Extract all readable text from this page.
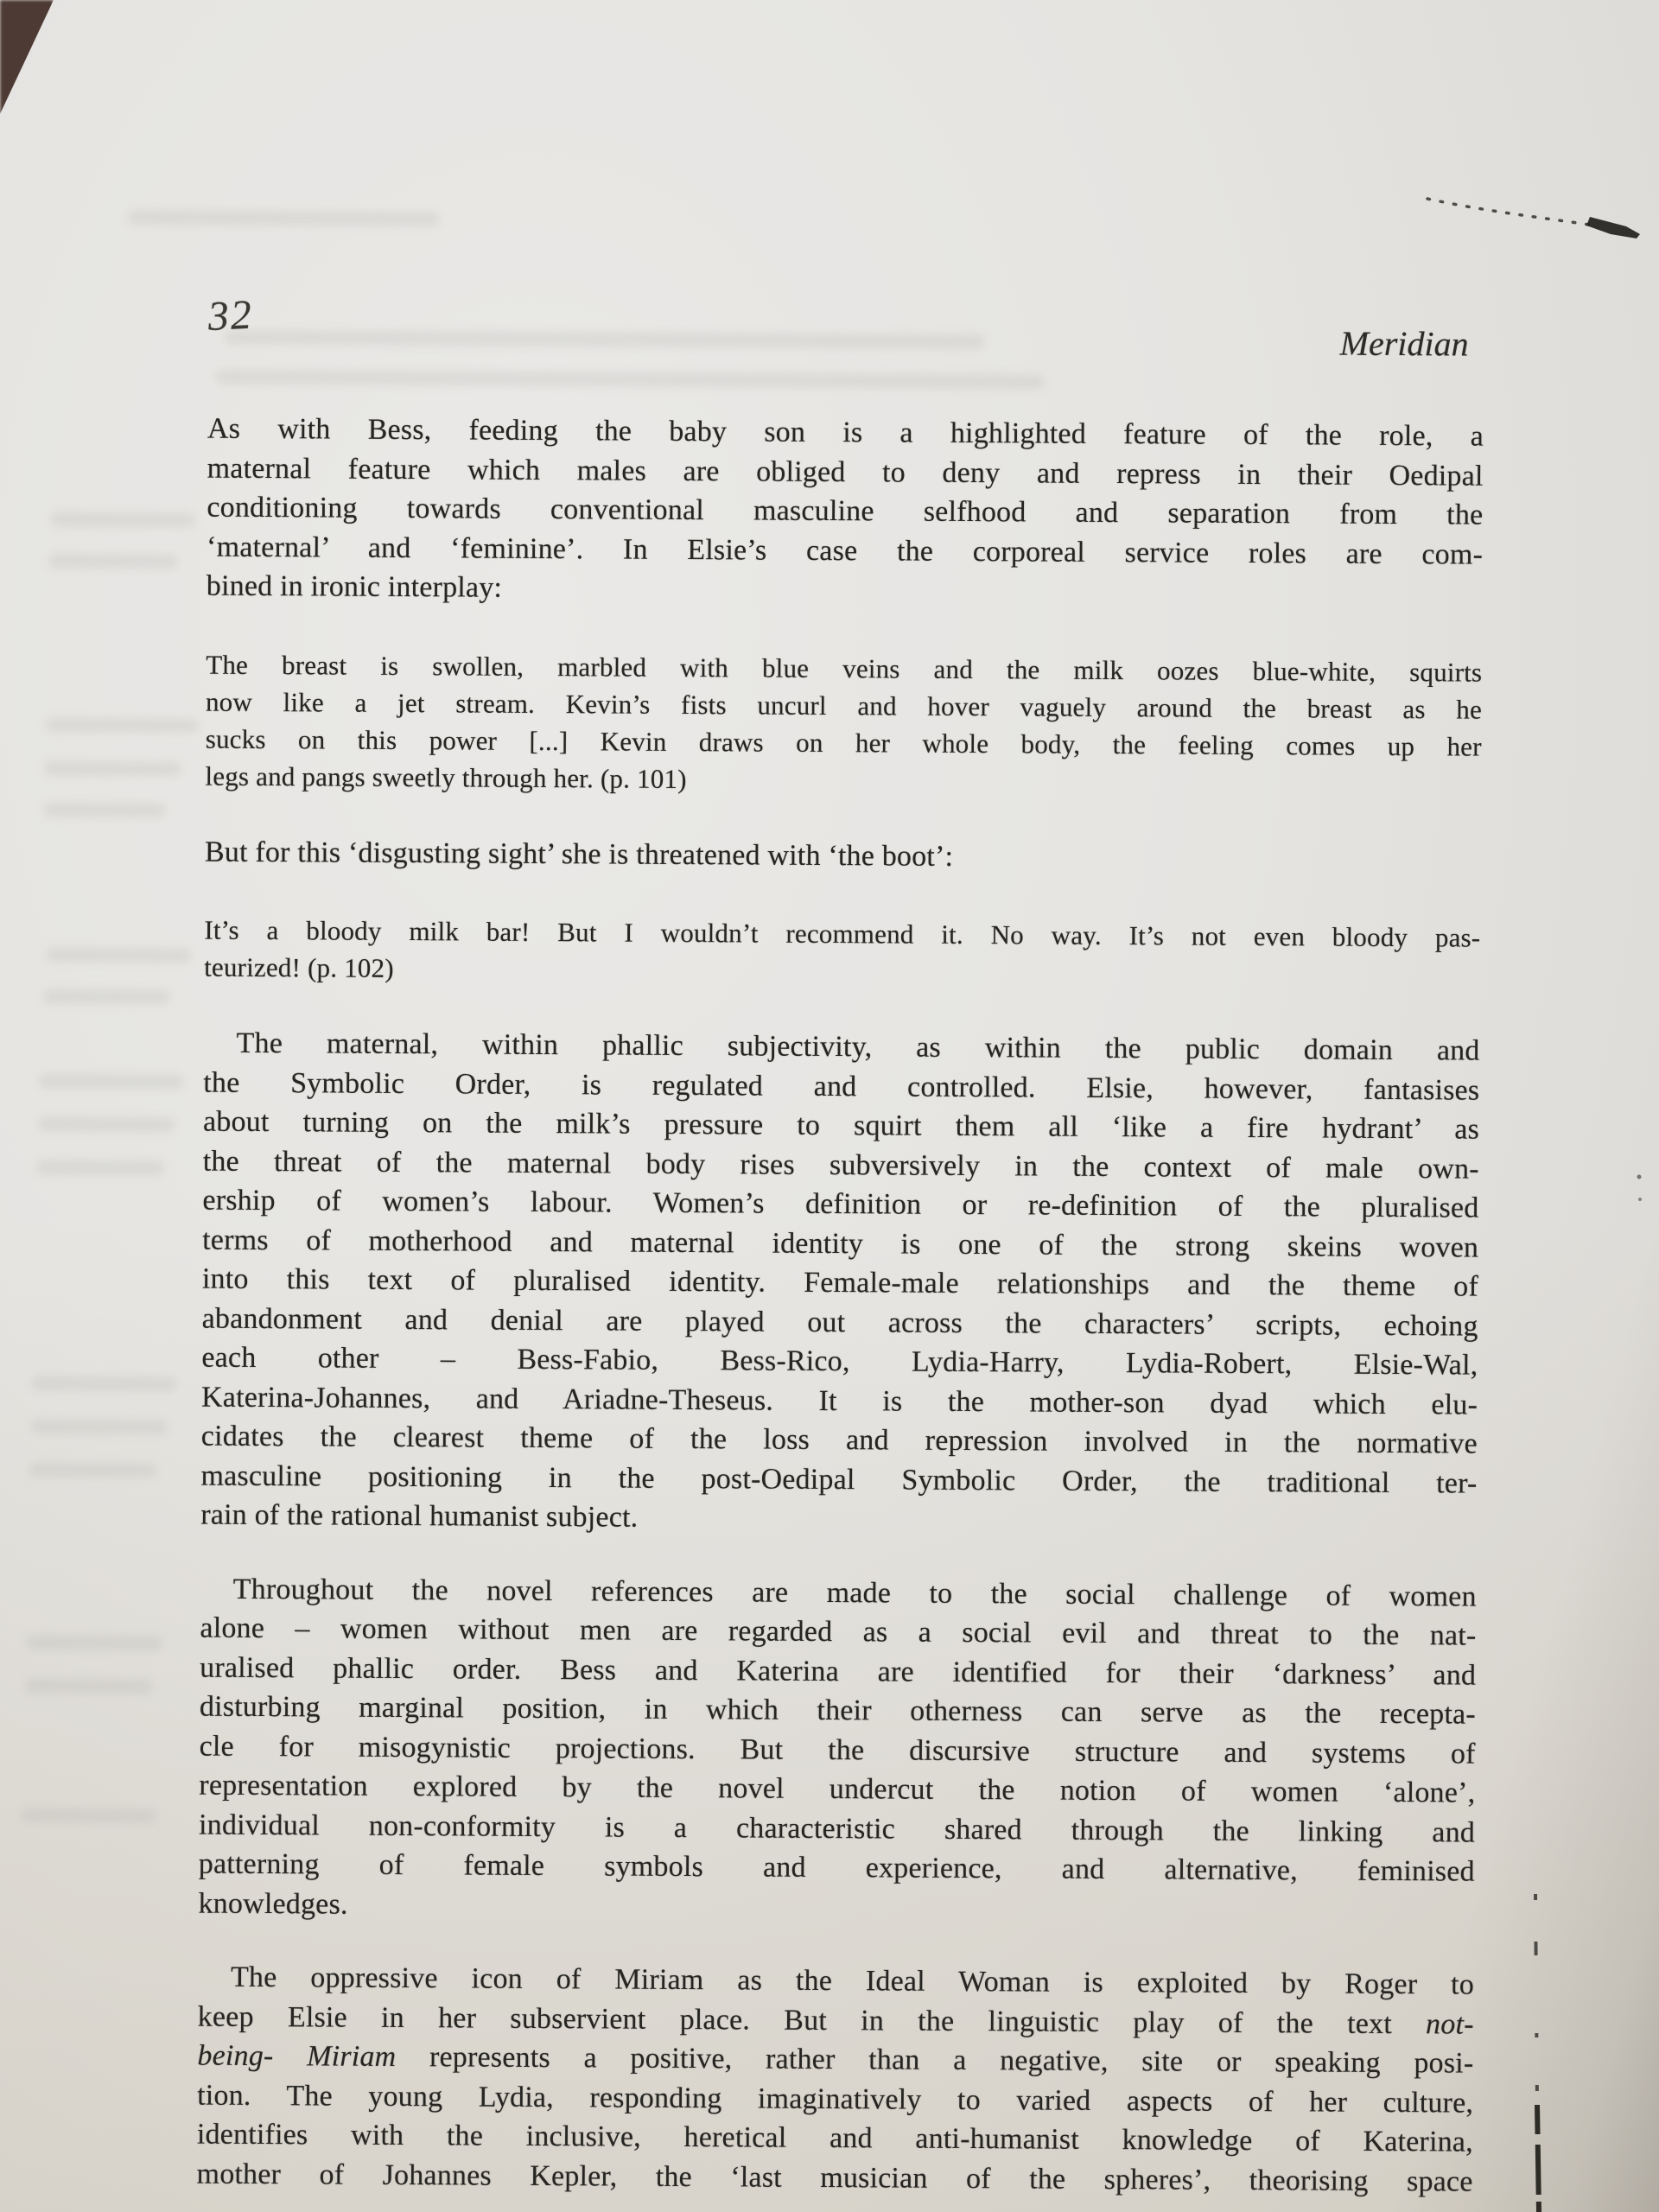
32
Meridian
As with Bess, feeding the baby son is a highlighted feature of the role, a
maternal feature which males are obliged to deny and repress in their Oedipal
conditioning towards conventional masculine selfhood and separation from the
‘maternal’ and ‘feminine’. In Elsie’s case the corporeal service roles are com-
bined in ironic interplay:
The breast is swollen, marbled with blue veins and the milk oozes blue-white, squirts
now like a jet stream. Kevin’s fists uncurl and hover vaguely around the breast as he
sucks on this power [...] Kevin draws on her whole body, the feeling comes up her
legs and pangs sweetly through her. (p. 101)
But for this ‘disgusting sight’ she is threatened with ‘the boot’:
It’s a bloody milk bar! But I wouldn’t recommend it. No way. It’s not even bloody pas-
teurized! (p. 102)
The maternal, within phallic subjectivity, as within the public domain and
the Symbolic Order, is regulated and controlled. Elsie, however, fantasises
about turning on the milk’s pressure to squirt them all ‘like a fire hydrant’ as
the threat of the maternal body rises subversively in the context of male own-
ership of women’s labour. Women’s definition or re-definition of the pluralised
terms of motherhood and maternal identity is one of the strong skeins woven
into this text of pluralised identity. Female-male relationships and the theme of
abandonment and denial are played out across the characters’ scripts, echoing
each other – Bess-Fabio, Bess-Rico, Lydia-Harry, Lydia-Robert, Elsie-Wal,
Katerina-Johannes, and Ariadne-Theseus. It is the mother-son dyad which elu-
cidates the clearest theme of the loss and repression involved in the normative
masculine positioning in the post-Oedipal Symbolic Order, the traditional ter-
rain of the rational humanist subject.
Throughout the novel references are made to the social challenge of women
alone – women without men are regarded as a social evil and threat to the nat-
uralised phallic order. Bess and Katerina are identified for their ‘darkness’ and
disturbing marginal position, in which their otherness can serve as the recepta-
cle for misogynistic projections. But the discursive structure and systems of
representation explored by the novel undercut the notion of women ‘alone’,
individual non-conformity is a characteristic shared through the linking and
patterning of female symbols and experience, and alternative, feminised
knowledges.
The oppressive icon of Miriam as the Ideal Woman is exploited by Roger to
keep Elsie in her subservient place. But in the linguistic play of the text not-
being- Miriam represents a positive, rather than a negative, site or speaking posi-
tion. The young Lydia, responding imaginatively to varied aspects of her culture,
identifies with the inclusive, heretical and anti-humanist knowledge of Katerina,
mother of Johannes Kepler, the ‘last musician of the spheres’, theorising space
